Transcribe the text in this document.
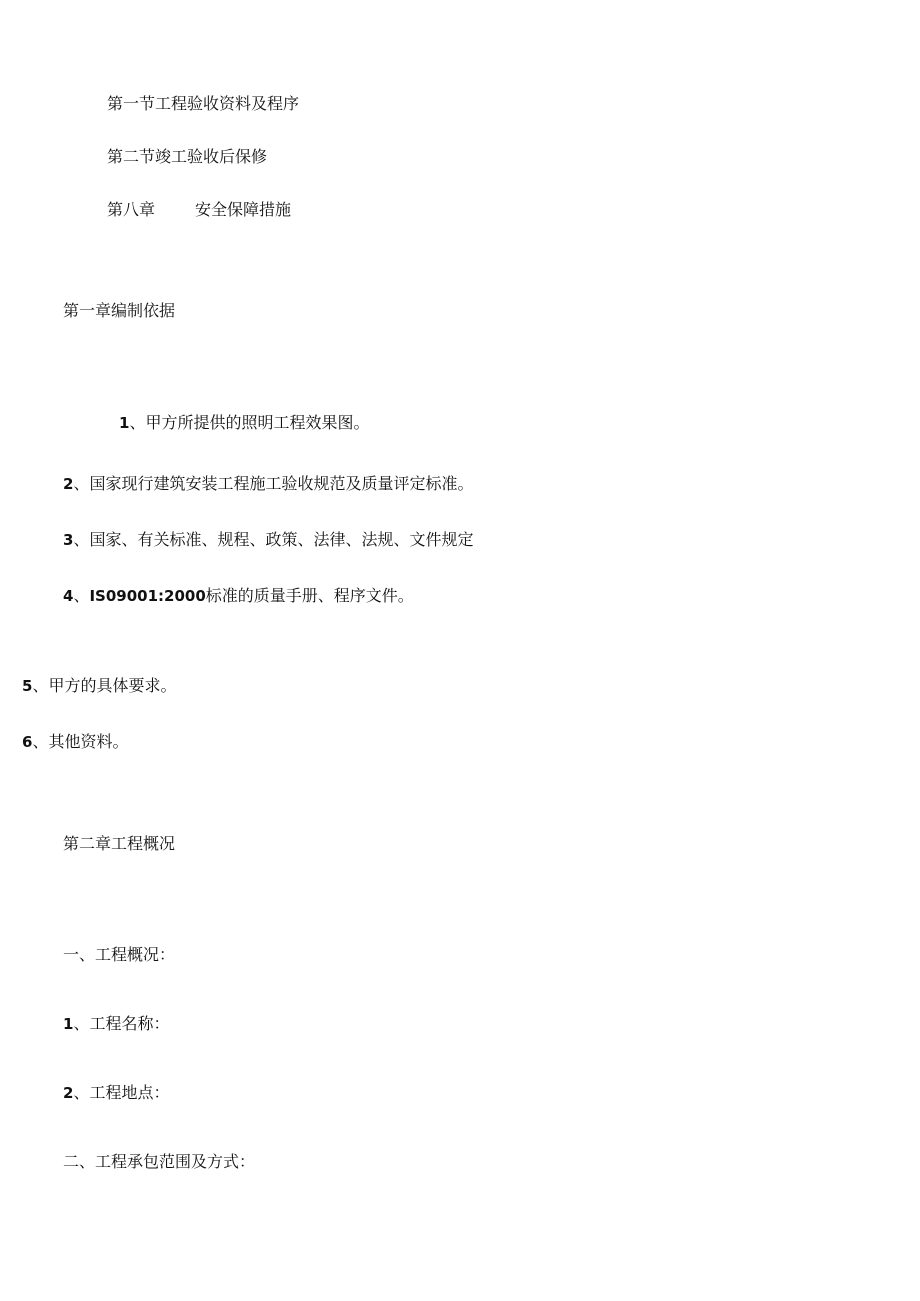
第一节工程验收资料及程序
第二节竣工验收后保修
第八章	安全保障措施
第一章编制依据
1、甲方所提供的照明工程效果图。
2、国家现行建筑安装工程施工验收规范及质量评定标准。
3、国家、有关标准、规程、政策、法律、法规、文件规定
4、IS09001:2000标准的质量手册、程序文件。
5、甲方的具体要求。
6、其他资料。
第二章工程概况
一、工程概况：
1、工程名称：
2、工程地点：
二、工程承包范围及方式：
